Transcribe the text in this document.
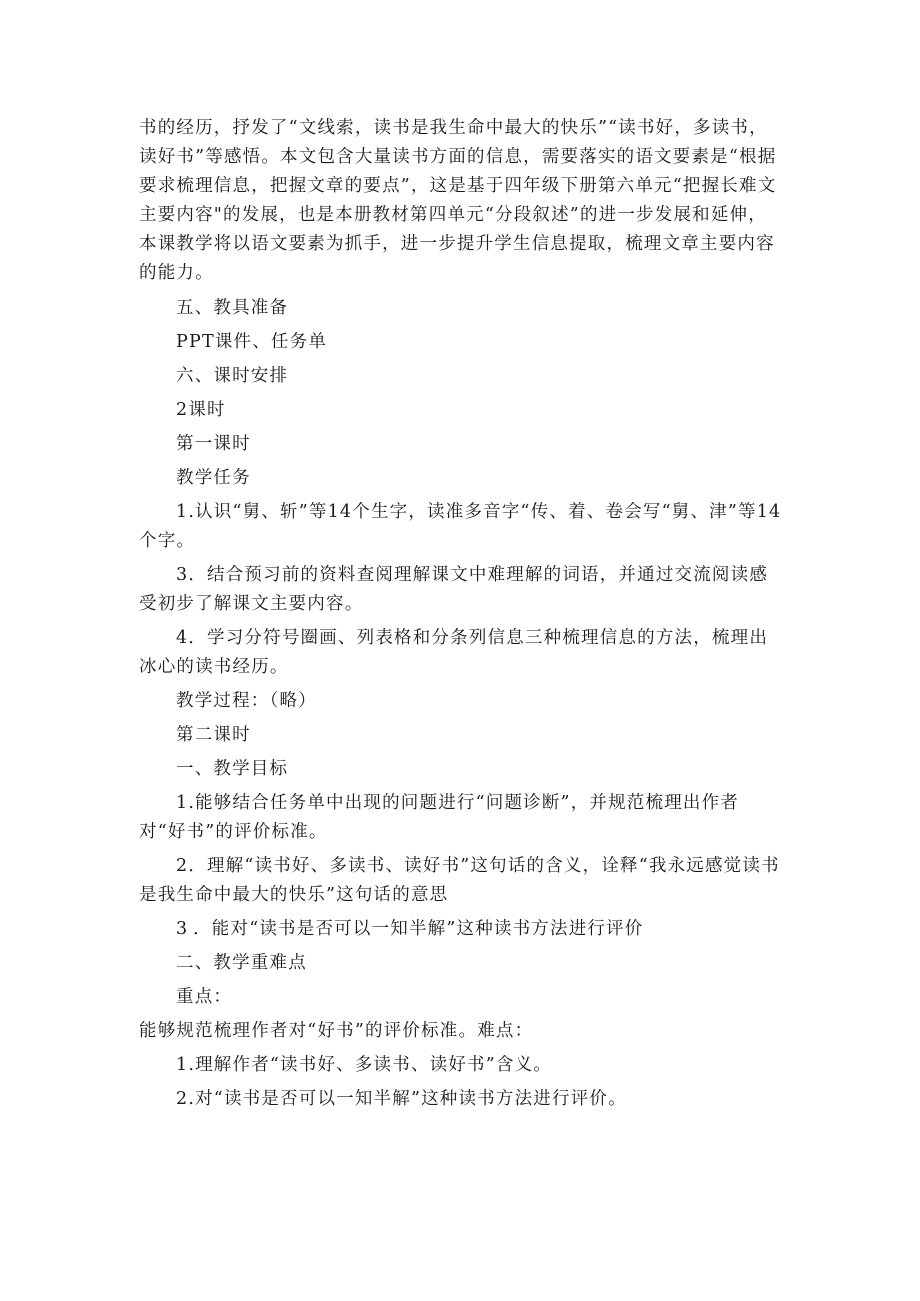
书的经历，抒发了“文线索，读书是我生命中最大的快乐”“读书好，多读书，读好书”等感悟。本文包含大量读书方面的信息，需要落实的语文要素是“根据要求梳理信息，把握文章的要点”，这是基于四年级下册第六单元“把握长难文主要内容"的发展，也是本册教材第四单元“分段叙述”的进一步发展和延伸，本课教学将以语文要素为抓手，进一步提升学生信息提取，梳理文章主要内容的能力。

五、教具准备

PPT课件、任务单

六、课时安排

2课时

第一课时

教学任务

1.认识“舅、斩”等14个生字，读准多音字“传、着、卷会写“舅、津”等14个字。

3．结合预习前的资料查阅理解课文中难理解的词语，并通过交流阅读感受初步了解课文主要内容。

4．学习分符号圈画、列表格和分条列信息三种梳理信息的方法，梳理出冰心的读书经历。

教学过程：（略）

第二课时

一、教学目标

1.能够结合任务单中出现的问题进行“问题诊断”，并规范梳理出作者对“好书”的评价标准。

2．理解“读书好、多读书、读好书”这句话的含义，诠释“我永远感觉读书是我生命中最大的快乐”这句话的意思

3	．能对“读书是否可以一知半解”这种读书方法进行评价

二、教学重难点

重点：

能够规范梳理作者对“好书”的评价标准。难点：

1.理解作者“读书好、多读书、读好书”含义。

2.对“读书是否可以一知半解”这种读书方法进行评价。
